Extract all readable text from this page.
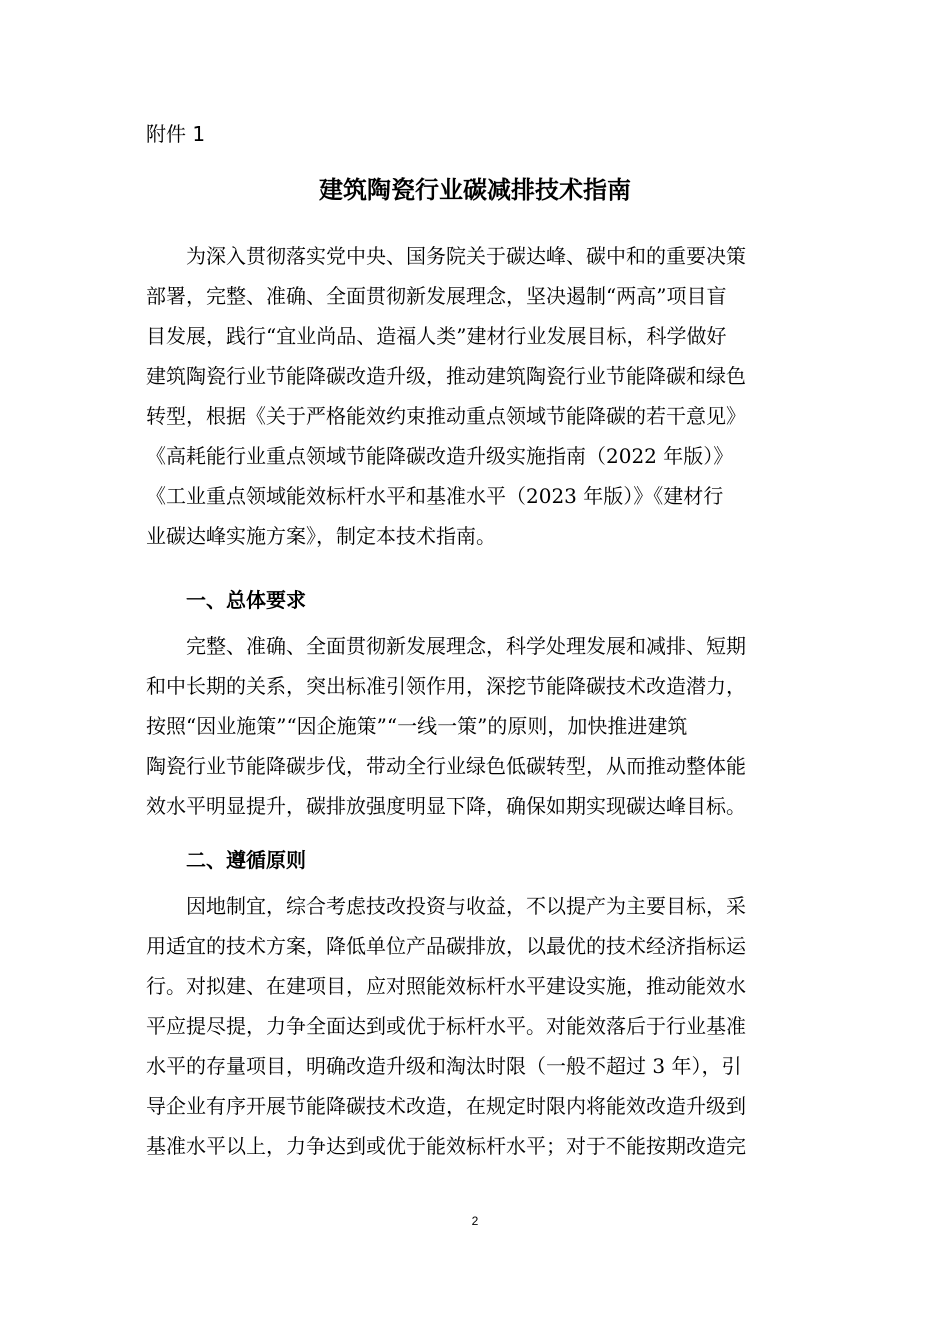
附件 1

建筑陶瓷行业碳减排技术指南
　　为深入贯彻落实党中央、国务院关于碳达峰、碳中和的重要决策
部署，完整、准确、全面贯彻新发展理念，坚决遏制“两高”项目盲
目发展，践行“宜业尚品、造福人类”建材行业发展目标，科学做好
建筑陶瓷行业节能降碳改造升级，推动建筑陶瓷行业节能降碳和绿色
转型，根据《关于严格能效约束推动重点领域节能降碳的若干意见》
《高耗能行业重点领域节能降碳改造升级实施指南（2022 年版）》
《工业重点领域能效标杆水平和基准水平（2023 年版）》《建材行
业碳达峰实施方案》，制定本技术指南。
一、总体要求
　　完整、准确、全面贯彻新发展理念，科学处理发展和减排、短期
和中长期的关系，突出标准引领作用，深挖节能降碳技术改造潜力，
按照“因业施策”“因企施策”“一线一策”的原则，加快推进建筑
陶瓷行业节能降碳步伐，带动全行业绿色低碳转型，从而推动整体能
效水平明显提升，碳排放强度明显下降，确保如期实现碳达峰目标。
二、遵循原则
　　因地制宜，综合考虑技改投资与收益，不以提产为主要目标，采
用适宜的技术方案，降低单位产品碳排放，以最优的技术经济指标运
行。对拟建、在建项目，应对照能效标杆水平建设实施，推动能效水
平应提尽提，力争全面达到或优于标杆水平。对能效落后于行业基准
水平的存量项目，明确改造升级和淘汰时限（一般不超过 3 年），引
导企业有序开展节能降碳技术改造，在规定时限内将能效改造升级到
基准水平以上，力争达到或优于能效标杆水平；对于不能按期改造完

2
